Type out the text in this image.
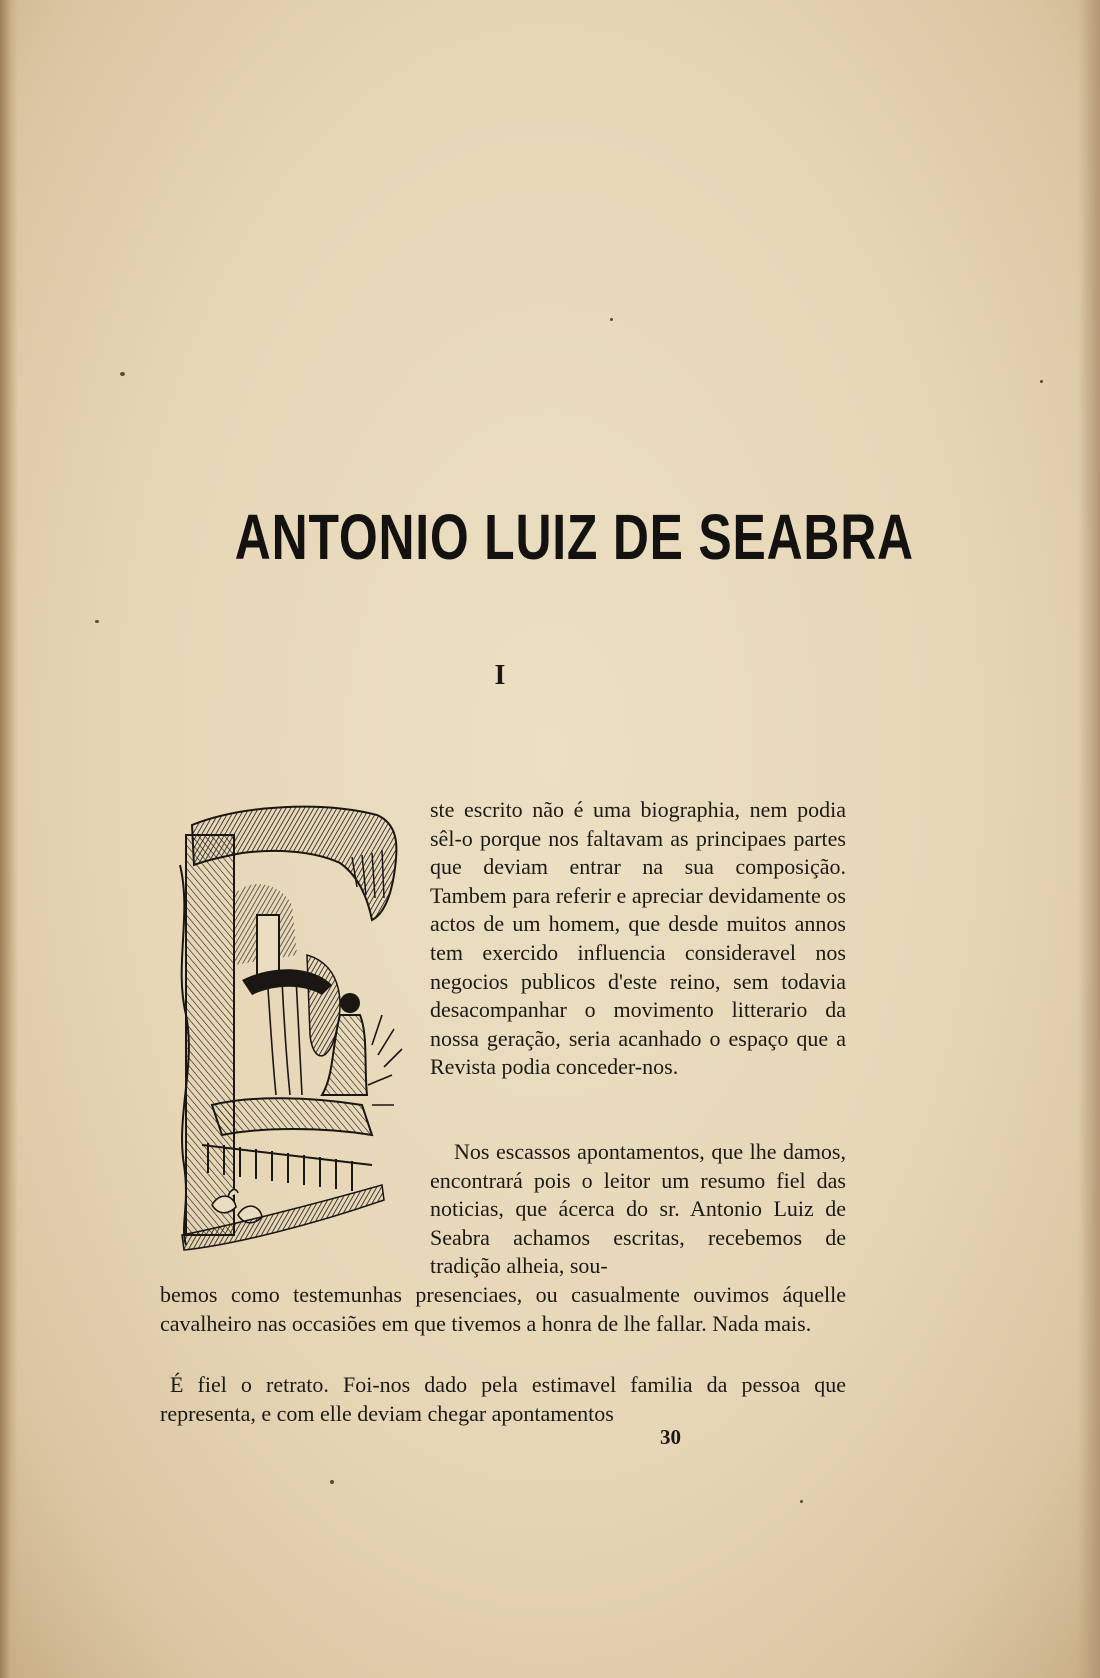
ANTONIO LUIZ DE SEABRA
I

ste escrito não é uma biographia, nem podia sêl-o porque nos faltavam as principaes partes que deviam entrar na sua composição. Tambem para referir e apreciar devidamente os actos de um homem, que desde muitos annos tem exercido influencia consideravel nos negocios publicos d'este reino, sem todavia desacompanhar o movimento litterario da nossa geração, seria acanhado o espaço que a Revista podia conceder-nos.

Nos escassos apontamentos, que lhe damos, encontrará pois o leitor um resumo fiel das noticias, que ácerca do sr. Antonio Luiz de Seabra achamos escritas, recebemos de tradição alheia, sou-

bemos como testemunhas presenciaes, ou casualmente ouvimos áquelle cavalheiro nas occasiões em que tivemos a honra de lhe fallar. Nada mais.

É fiel o retrato. Foi-nos dado pela estimavel familia da pessoa que representa, e com elle deviam chegar apontamentos

30
